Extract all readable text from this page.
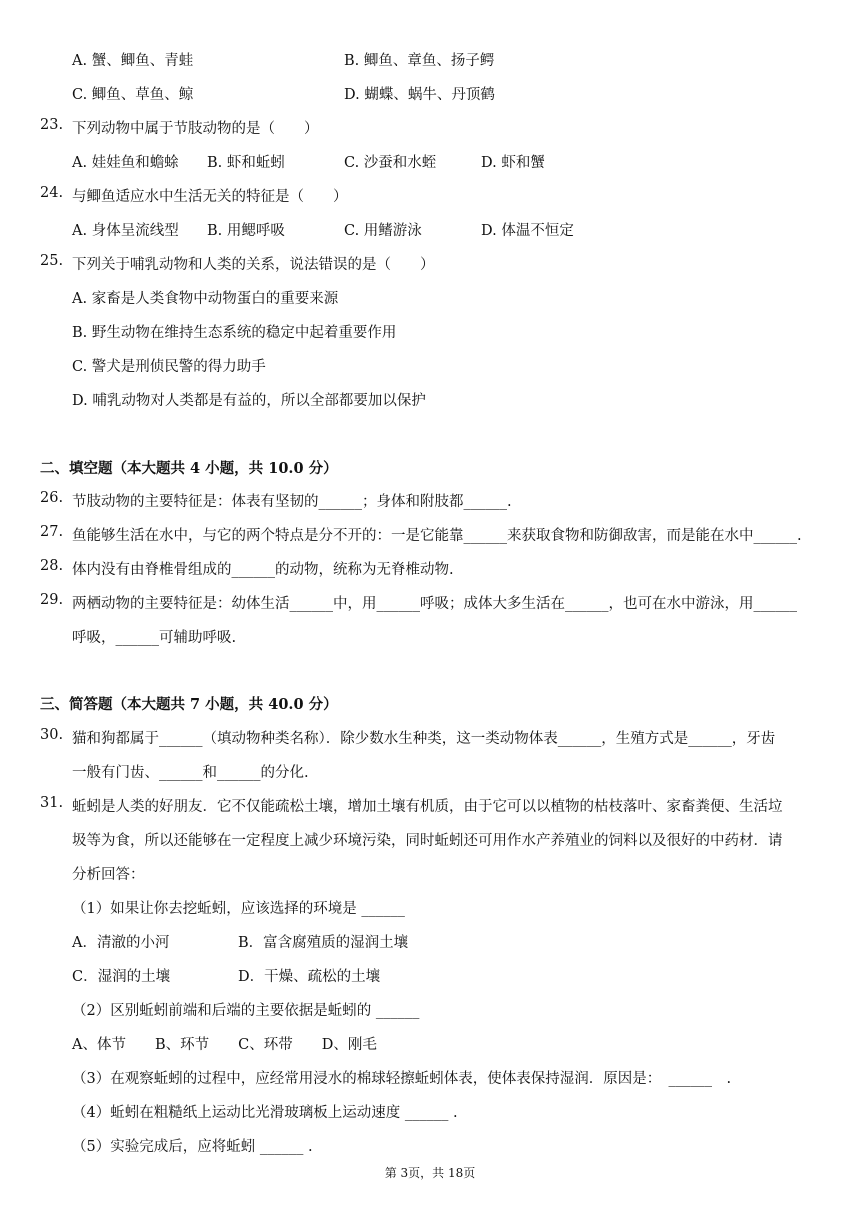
A. 蟹、鲫鱼、青蛙	B. 鲫鱼、章鱼、扬子鳄
C. 鲫鱼、草鱼、鲸	D. 蝴蝶、蜗牛、丹顶鹤
23. 下列动物中属于节肢动物的是（　　）
A. 娃娃鱼和蟾蜍 B. 虾和蚯蚓	C. 沙蚕和水蛭	D. 虾和蟹
24. 与鲫鱼适应水中生活无关的特征是（　　）
A. 身体呈流线型 B. 用鳃呼吸	C. 用鳍游泳	D. 体温不恒定
25. 下列关于哺乳动物和人类的关系，说法错误的是（　　）
A. 家畜是人类食物中动物蛋白的重要来源
B. 野生动物在维持生态系统的稳定中起着重要作用
C. 警犬是刑侦民警的得力助手
D. 哺乳动物对人类都是有益的，所以全部都要加以保护
二、填空题（本大题共 4 小题，共 10.0 分）
26. 节肢动物的主要特征是：体表有坚韧的______；身体和附肢都______.
27. 鱼能够生活在水中，与它的两个特点是分不开的：一是它能靠______来获取食物和防御敌害，而是能在水中______.
28. 体内没有由脊椎骨组成的______的动物，统称为无脊椎动物.
29. 两栖动物的主要特征是：幼体生活______中，用______呼吸；成体大多生活在______，也可在水中游泳，用______
呼吸，______可辅助呼吸.
三、简答题（本大题共 7 小题，共 40.0 分）
30. 猫和狗都属于______（填动物种类名称）．除少数水生种类，这一类动物体表______，生殖方式是______，牙齿
一般有门齿、______和______的分化.
31. 蚯蚓是人类的好朋友．它不仅能疏松土壤，增加土壤有机质，由于它可以以植物的枯枝落叶、家畜粪便、生活垃
圾等为食，所以还能够在一定程度上减少环境污染，同时蚯蚓还可用作水产养殖业的饲料以及很好的中药材．请
分析回答：
（1）如果让你去挖蚯蚓，应该选择的环境是 ______
A．清澈的小河	B．富含腐殖质的湿润土壤
C．湿润的土壤	D．干燥、疏松的土壤
（2）区别蚯蚓前端和后端的主要依据是蚯蚓的 ______
A、体节　　B、环节　　C、环带　　D、刚毛
（3）在观察蚯蚓的过程中，应经常用浸水的棉球轻擦蚯蚓体表，使体表保持湿润．原因是：　______　.
（4）蚯蚓在粗糙纸上运动比光滑玻璃板上运动速度 ______ .
（5）实验完成后，应将蚯蚓 ______ .
第 3页，共 18页
